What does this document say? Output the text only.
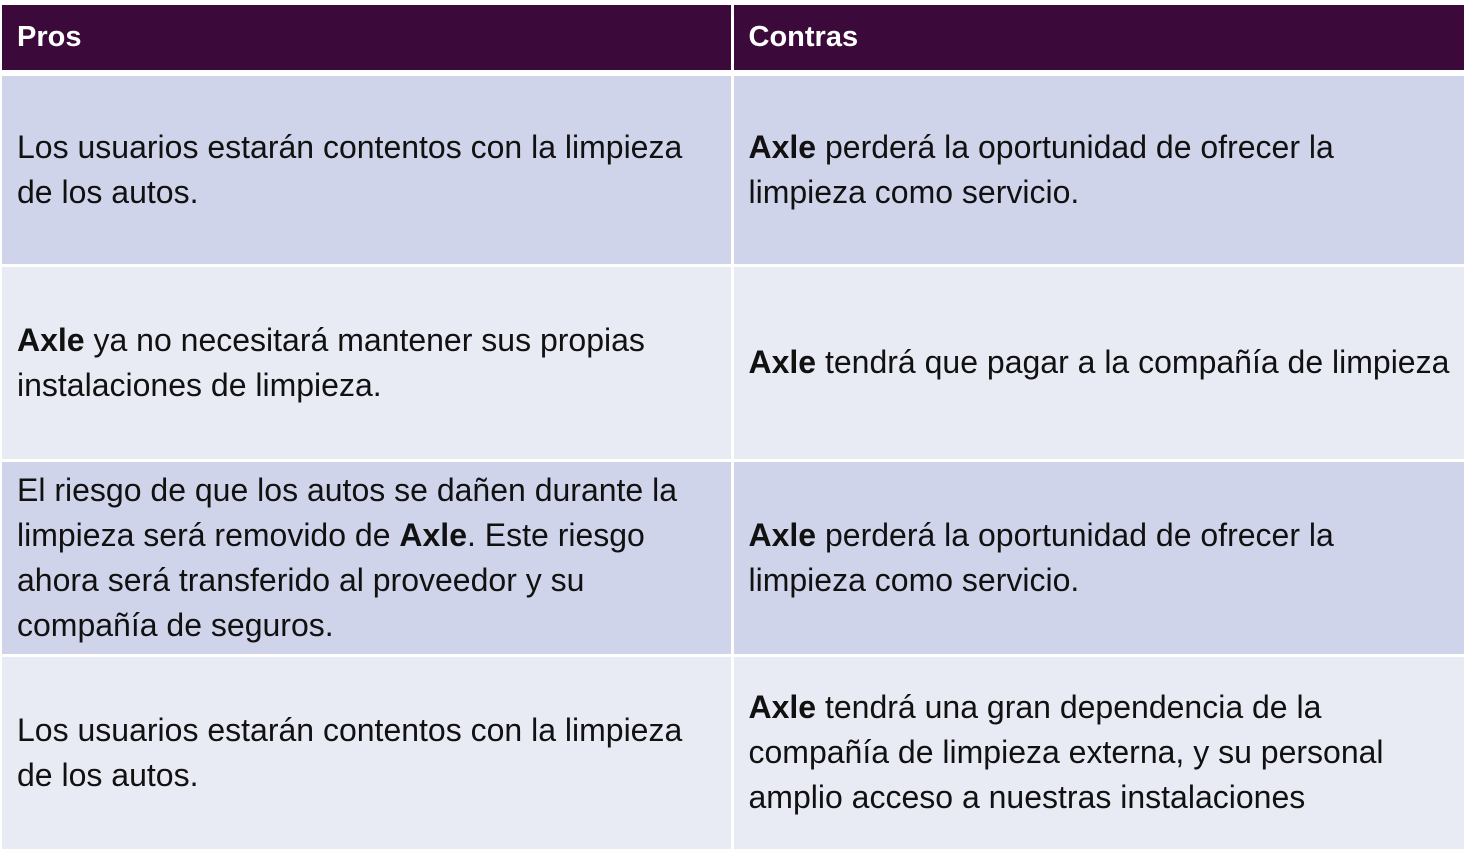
Pros	Contras
Los usuarios estarán contentos con la limpieza de los autos.	Axle perderá la oportunidad de ofrecer la limpieza como servicio.
Axle ya no necesitará mantener sus propias instalaciones de limpieza.	Axle tendrá que pagar a la compañía de limpieza
El riesgo de que los autos se dañen durante la limpieza será removido de Axle. Este riesgo ahora será transferido al proveedor y su compañía de seguros.	Axle perderá la oportunidad de ofrecer la limpieza como servicio.
Los usuarios estarán contentos con la limpieza de los autos.	Axle tendrá una gran dependencia de la compañía de limpieza externa, y su personal amplio acceso a nuestras instalaciones
